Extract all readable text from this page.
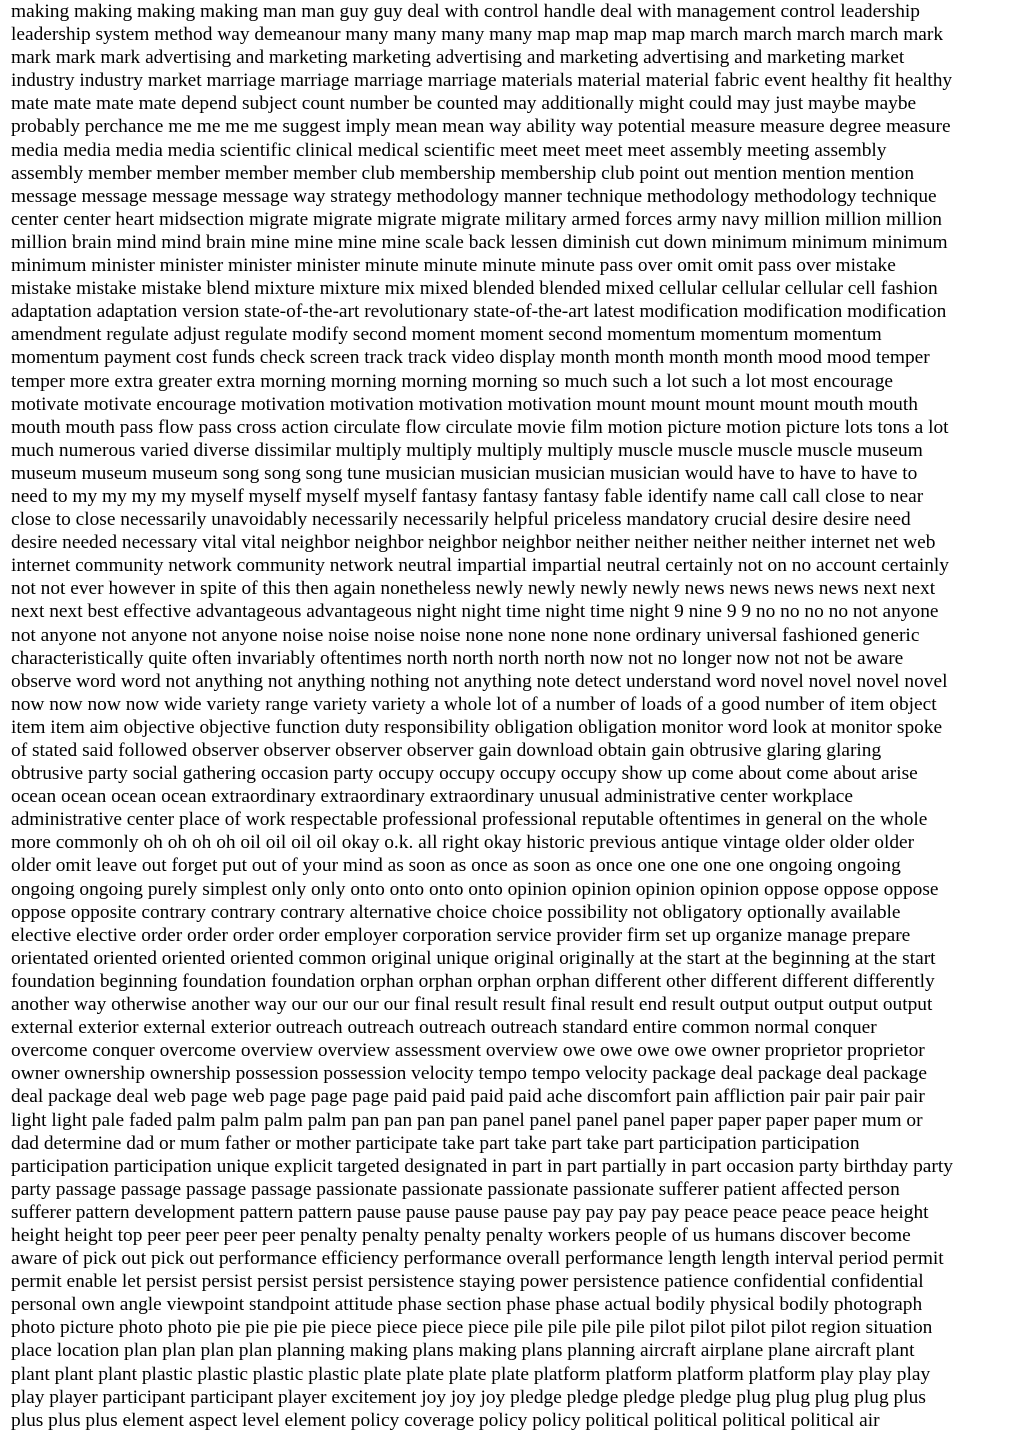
making making making making man man guy guy deal with control handle deal with management control leadership
leadership system method way demeanour many many many many map map map map march march march march mark
mark mark mark advertising and marketing marketing advertising and marketing advertising and marketing market
industry industry market marriage marriage marriage marriage materials material material fabric event healthy fit healthy
mate mate mate mate depend subject count number be counted may additionally might could may just maybe maybe
probably perchance me me me me suggest imply mean mean way ability way potential measure measure degree measure
media media media media scientific clinical medical scientific meet meet meet meet assembly meeting assembly
assembly member member member member club membership membership club point out mention mention mention
message message message message way strategy methodology manner technique methodology methodology technique
center center heart midsection migrate migrate migrate migrate military armed forces army navy million million million
million brain mind mind brain mine mine mine mine scale back lessen diminish cut down minimum minimum minimum
minimum minister minister minister minister minute minute minute minute pass over omit omit pass over mistake
mistake mistake mistake blend mixture mixture mix mixed blended blended mixed cellular cellular cellular cell fashion
adaptation adaptation version state-of-the-art revolutionary state-of-the-art latest modification modification modification
amendment regulate adjust regulate modify second moment moment second momentum momentum momentum
momentum payment cost funds check screen track track video display month month month month mood mood temper
temper more extra greater extra morning morning morning morning so much such a lot such a lot most encourage
motivate motivate encourage motivation motivation motivation motivation mount mount mount mount mouth mouth
mouth mouth pass flow pass cross action circulate flow circulate movie film motion picture motion picture lots tons a lot
much numerous varied diverse dissimilar multiply multiply multiply multiply muscle muscle muscle muscle museum
museum museum museum song song song tune musician musician musician musician would have to have to have to
need to my my my my myself myself myself myself fantasy fantasy fantasy fable identify name call call close to near
close to close necessarily unavoidably necessarily necessarily helpful priceless mandatory crucial desire desire need
desire needed necessary vital vital neighbor neighbor neighbor neighbor neither neither neither neither internet net web
internet community network community network neutral impartial impartial neutral certainly not on no account certainly
not not ever however in spite of this then again nonetheless newly newly newly newly news news news news next next
next next best effective advantageous advantageous night night time night time night 9 nine 9 9 no no no no not anyone
not anyone not anyone not anyone noise noise noise noise none none none none ordinary universal fashioned generic
characteristically quite often invariably oftentimes north north north north now not no longer now not not be aware
observe word word not anything not anything nothing not anything note detect understand word novel novel novel novel
now now now now wide variety range variety variety a whole lot of a number of loads of a good number of item object
item item aim objective objective function duty responsibility obligation obligation monitor word look at monitor spoke
of stated said followed observer observer observer observer gain download obtain gain obtrusive glaring glaring
obtrusive party social gathering occasion party occupy occupy occupy occupy show up come about come about arise
ocean ocean ocean ocean extraordinary extraordinary extraordinary unusual administrative center workplace
administrative center place of work respectable professional professional reputable oftentimes in general on the whole
more commonly oh oh oh oh oil oil oil oil okay o.k. all right okay historic previous antique vintage older older older
older omit leave out forget put out of your mind as soon as once as soon as once one one one one ongoing ongoing
ongoing ongoing purely simplest only only onto onto onto onto opinion opinion opinion opinion oppose oppose oppose
oppose opposite contrary contrary contrary alternative choice choice possibility not obligatory optionally available
elective elective order order order order employer corporation service provider firm set up organize manage prepare
orientated oriented oriented oriented common original unique original originally at the start at the beginning at the start
foundation beginning foundation foundation orphan orphan orphan orphan different other different different differently
another way otherwise another way our our our our final result result final result end result output output output output
external exterior external exterior outreach outreach outreach outreach standard entire common normal conquer
overcome conquer overcome overview overview assessment overview owe owe owe owe owner proprietor proprietor
owner ownership ownership possession possession velocity tempo tempo velocity package deal package deal package
deal package deal web page web page page page paid paid paid paid ache discomfort pain affliction pair pair pair pair
light light pale faded palm palm palm palm pan pan pan pan panel panel panel panel paper paper paper paper mum or
dad determine dad or mum father or mother participate take part take part take part participation participation
participation participation unique explicit targeted designated in part in part partially in part occasion party birthday party
party passage passage passage passage passionate passionate passionate passionate sufferer patient affected person
sufferer pattern development pattern pattern pause pause pause pause pay pay pay pay peace peace peace peace height
height height top peer peer peer peer penalty penalty penalty penalty workers people of us humans discover become
aware of pick out pick out performance efficiency performance overall performance length length interval period permit
permit enable let persist persist persist persist persistence staying power persistence patience confidential confidential
personal own angle viewpoint standpoint attitude phase section phase phase actual bodily physical bodily photograph
photo picture photo photo pie pie pie pie piece piece piece piece pile pile pile pile pilot pilot pilot pilot region situation
place location plan plan plan plan planning making plans making plans planning aircraft airplane plane aircraft plant
plant plant plant plastic plastic plastic plastic plate plate plate plate platform platform platform platform play play play
play player participant participant player excitement joy joy joy pledge pledge pledge pledge plug plug plug plug plus
plus plus plus element aspect level element policy coverage policy policy political political political political air
